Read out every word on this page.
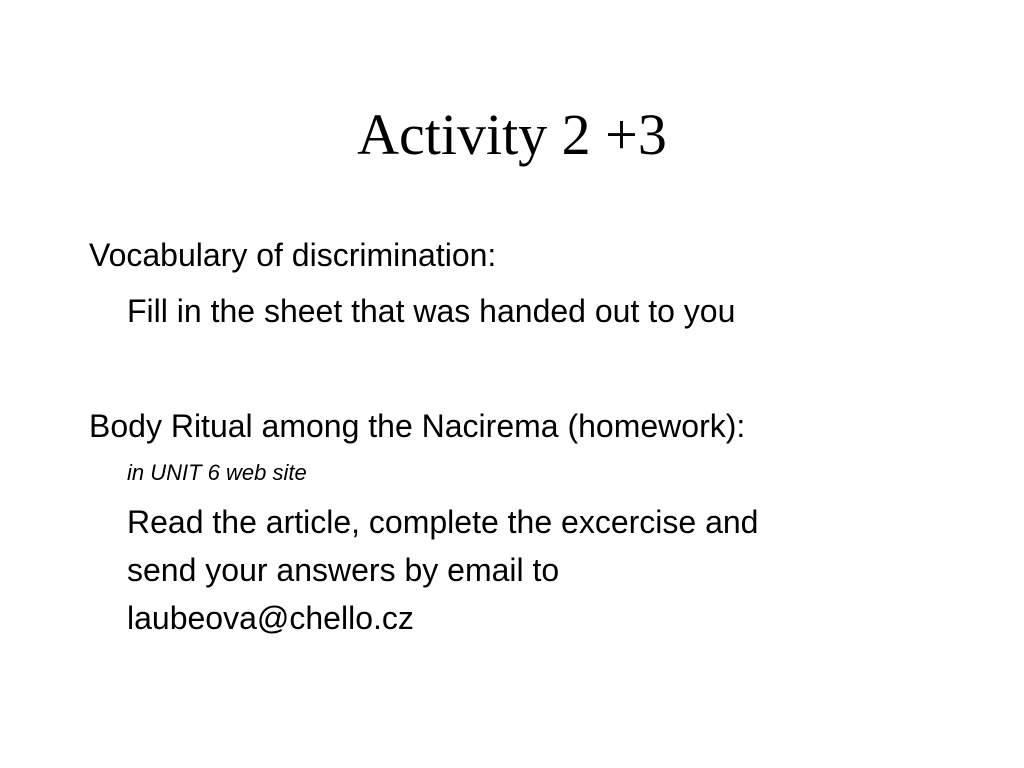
Activity 2 +3

Vocabulary of discrimination:

Fill in the sheet that was handed out to you

Body Ritual among the Nacirema (homework):

in UNIT 6 web site

Read the article, complete the excercise and
send your answers by email to
laubeova@chello.cz
